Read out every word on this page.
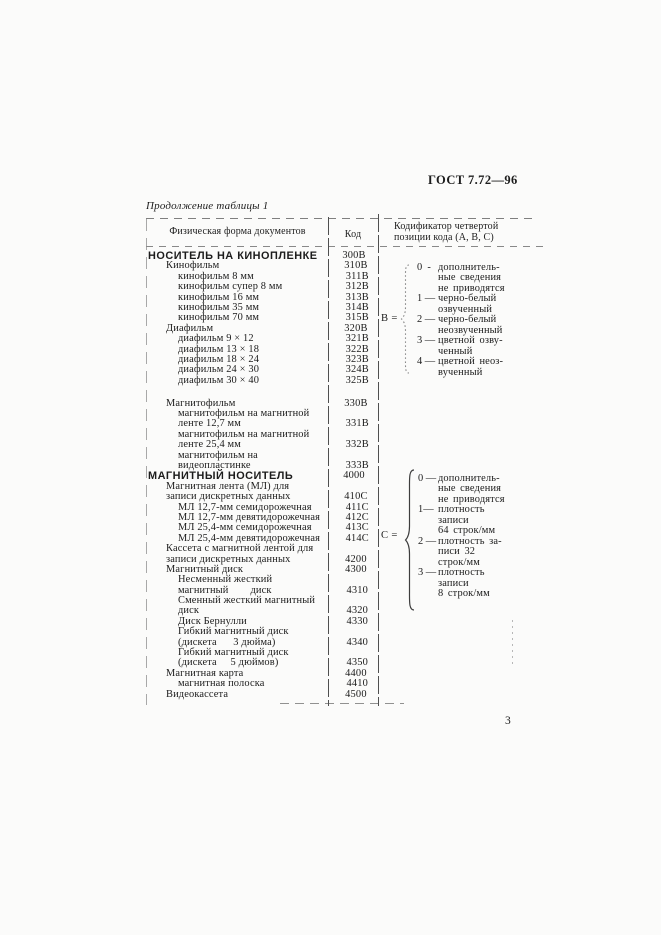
ГОСТ 7.72—96
Продолжение таблицы 1
Физическая форма документов	Код
Кодификатор четвертой
позиции кода (А, В, С)
НОСИТЕЛЬ НА КИНОПЛЕНКЕ	300В
Кинофильм	310В
кинофильм 8 мм	311В
кинофильм супер 8 мм	312В
кинофильм 16 мм	313В
кинофильм 35 мм	314В
кинофильм 70 мм	315В
Диафильм	320В
диафильм 9 × 12	321В
диафильм 13 × 18	322В
диафильм 18 × 24	323В
диафильм 24 × 30	324В
диафильм 30 × 40	325В
Магнитофильм	330В
магнитофильм на магнитной
ленте 12,7 мм	331В
магнитофильм на магнитной
ленте 25,4 мм	332В
магнитофильм на
видеопластинке	333В
МАГНИТНЫЙ НОСИТЕЛЬ	4000
Магнитная лента (МЛ) для
записи дискретных данных	410С
МЛ 12,7-мм семидорожечная	411С
МЛ 12,7-мм девятидорожечная	412С
МЛ 25,4-мм семидорожечная	413С
МЛ 25,4-мм девятидорожечная	414С
Кассета с магнитной лентой для
записи дискретных данных	4200
Магнитный диск	4300
Несменный жесткий
магнитный        диск	4310
Сменный жесткий магнитный
диск	4320
Диск Бернулли	4330
Гибкий магнитный диск
(дискета      3 дюйма)	4340
Гибкий магнитный диск
(дискета     5 дюймов)	4350
Магнитная карта	4400
магнитная полоска	4410
Видеокассета	4500
В =
0  - дополнитель-
ные сведения
не приводятся
1 — черно-белый
озвученный
2 — черно-белый
неозвученный
3 — цветной озву-
ченный
4 — цветной неоз-
вученный
С =
0 — дополнитель-
ные сведения
не приводятся
1— плотность
записи
64 строк/мм
2 — плотность за-
писи 32
строк/мм
3 — плотность
записи
8 строк/мм
3
